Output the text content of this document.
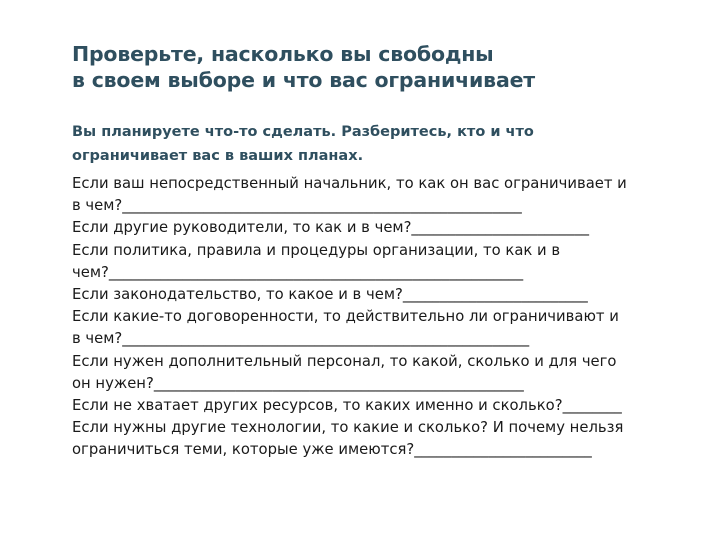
Проверьте, насколько вы свободны
в своем выборе и что вас ограничивает
Вы планируете что-то сделать. Разберитесь, кто и что
ограничивает вас в ваших планах.
Если ваш непосредственный начальник, то как он вас ограничивает и
в чем?______________________________________________________
Если другие руководители, то как и в чем?________________________
Если политика, правила и процедуры организации, то как и в
чем?________________________________________________________
Если законодательство, то какое и в чем?_________________________
Если какие-то договоренности, то действительно ли ограничивают и
в чем?_______________________________________________________
Если нужен дополнительный персонал, то какой, сколько и для чего
он нужен?__________________________________________________
Если не хватает других ресурсов, то каких именно и сколько?________
Если нужны другие технологии, то какие и сколько? И почему нельзя
ограничиться теми, которые уже имеются?________________________
